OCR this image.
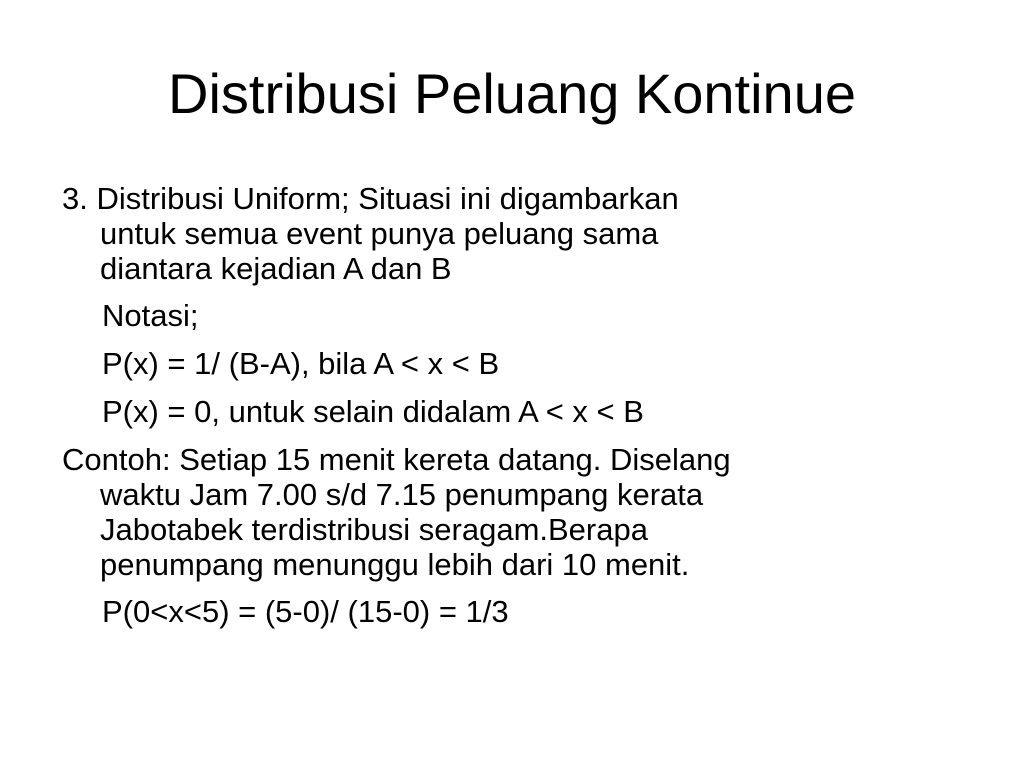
Distribusi Peluang Kontinue
3. Distribusi Uniform; Situasi ini digambarkan
untuk semua event punya peluang sama
diantara kejadian A dan B
Notasi;
P(x) = 1/ (B-A), bila A < x < B
P(x) = 0, untuk selain didalam A < x < B
Contoh: Setiap 15 menit kereta datang. Diselang
waktu Jam 7.00 s/d 7.15 penumpang kerata
Jabotabek terdistribusi seragam.Berapa
penumpang menunggu lebih dari 10 menit.
P(0<x<5) = (5-0)/ (15-0) = 1/3
